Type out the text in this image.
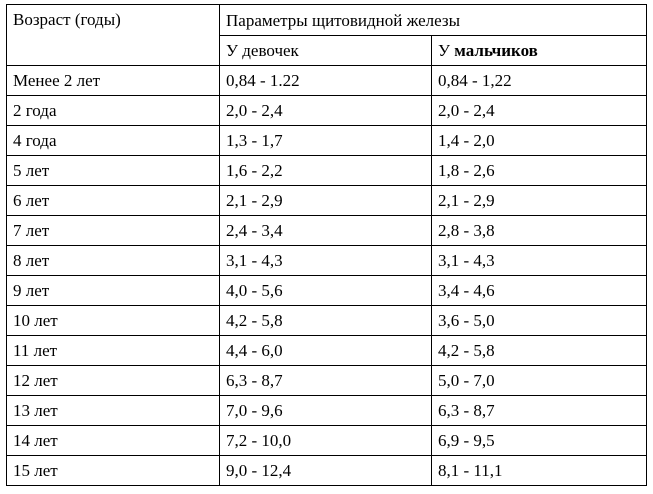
Возраст (годы)	Параметры щитовидной железы	
	У девочек	У мальчиков
Менее 2 лет	0,84 - 1.22	0,84 - 1,22
2 года	2,0 - 2,4	2,0 - 2,4
4 года	1,3 - 1,7	1,4 - 2,0
5 лет	1,6 - 2,2	1,8 - 2,6
6 лет	2,1 - 2,9	2,1 - 2,9
7 лет	2,4 - 3,4	2,8 - 3,8
8 лет	3,1 - 4,3	3,1 - 4,3
9 лет	4,0 - 5,6	3,4 - 4,6
10 лет	4,2 - 5,8	3,6 - 5,0
11 лет	4,4 - 6,0	4,2 - 5,8
12 лет	6,3 - 8,7	5,0 - 7,0
13 лет	7,0 - 9,6	6,3 - 8,7
14 лет	7,2 - 10,0	6,9 - 9,5
15 лет	9,0 - 12,4	8,1 - 11,1
